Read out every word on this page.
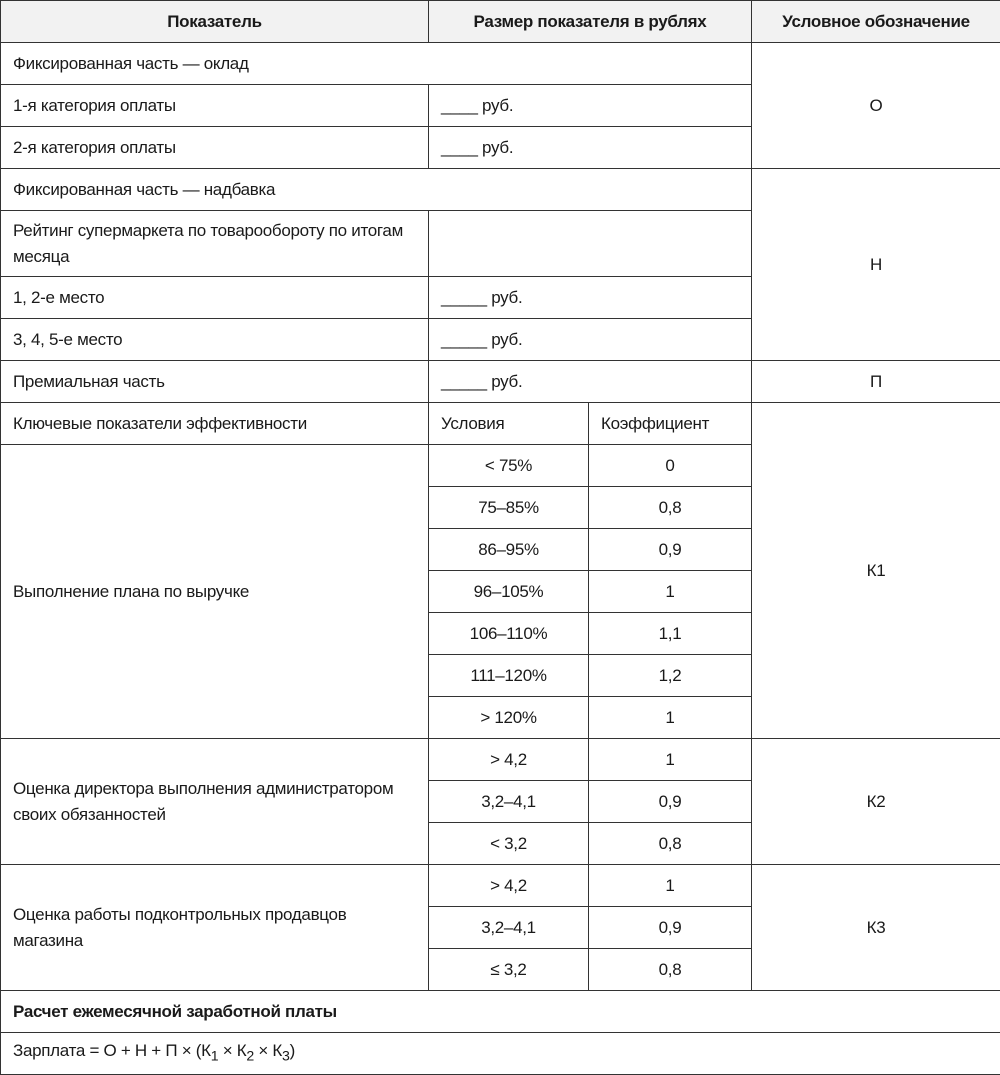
Показатель	Размер показателя в рублях		Условное обозначение
Фиксированная часть — оклад			О
1-я категория оплаты	____ руб.		
2-я категория оплаты	____ руб.		
Фиксированная часть — надбавка			Н
Рейтинг супермаркета по товарообороту по итогам месяца			
1, 2-е место	_____ руб.		
3, 4, 5-е место	_____ руб.		
Премиальная часть	_____ руб.		П
Ключевые показатели эффективности	Условия	Коэффициент	К1
Выполнение плана по выручке	< 75%	0	
	75–85%	0,8	
	86–95%	0,9	
	96–105%	1	
	106–110%	1,1	
	111–120%	1,2	
	> 120%	1	
Оценка директора выполнения администратором своих обязанностей	> 4,2	1	К2
	3,2–4,1	0,9	
	< 3,2	0,8	
Оценка работы подконтрольных продавцов магазина	> 4,2	1	К3
	3,2–4,1	0,9	
	≤ 3,2	0,8	
Расчет ежемесячной заработной платы			
Зарплата = $О + Н + П \times (К_1 \times К_2 \times К_3)$			
